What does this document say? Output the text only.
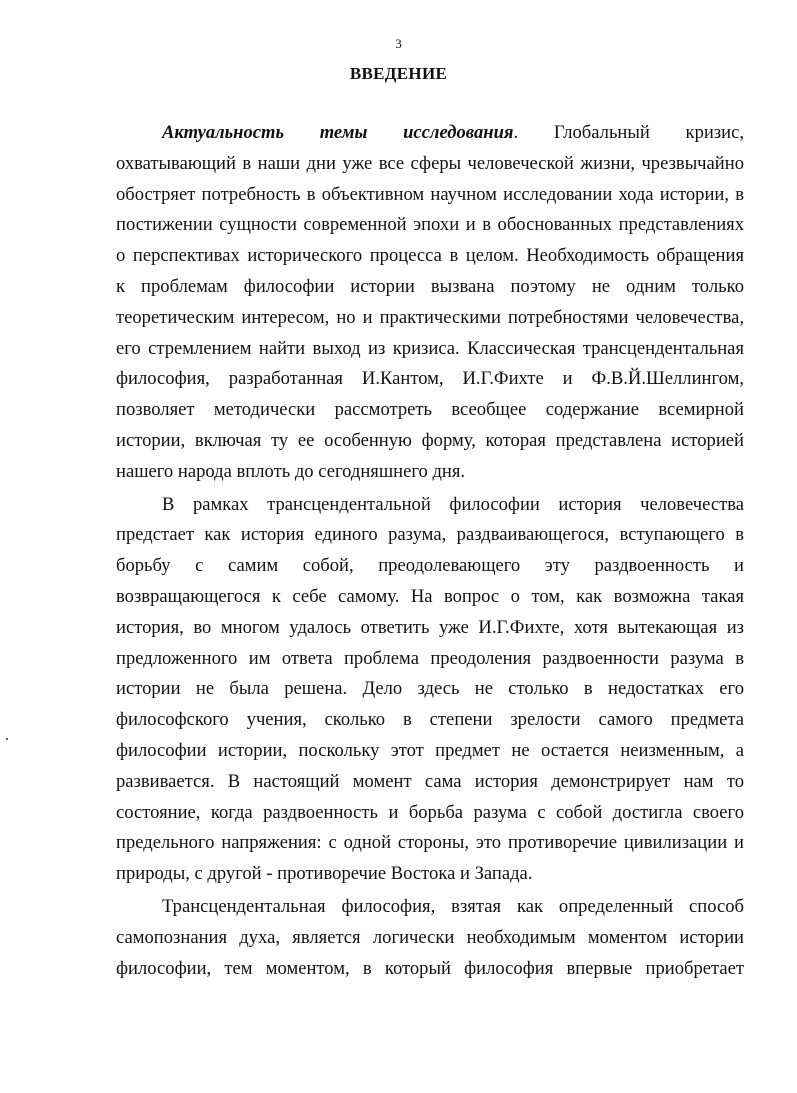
3
ВВЕДЕНИЕ
Актуальность темы исследования. Глобальный кризис,
охватывающий в наши дни уже все сферы человеческой жизни, чрезвычайно
обостряет потребность в объективном научном исследовании хода истории, в
постижении сущности современной эпохи и в обоснованных представлениях
о перспективах исторического процесса в целом. Необходимость обращения
к проблемам философии истории вызвана поэтому не одним только
теоретическим интересом, но и практическими потребностями человечества,
его стремлением найти выход из кризиса. Классическая трансцендентальная
философия, разработанная И.Кантом, И.Г.Фихте и Ф.В.Й.Шеллингом,
позволяет методически рассмотреть всеобщее содержание всемирной
истории, включая ту ее особенную форму, которая представлена историей
нашего народа вплоть до сегодняшнего дня.
В рамках трансцендентальной философии история человечества
предстает как история единого разума, раздваивающегося, вступающего в
борьбу с самим собой, преодолевающего эту раздвоенность и
возвращающегося к себе самому. На вопрос о том, как возможна такая
история, во многом удалось ответить уже И.Г.Фихте, хотя вытекающая из
предложенного им ответа проблема преодоления раздвоенности разума в
истории не была решена. Дело здесь не столько в недостатках его
философского учения, сколько в степени зрелости самого предмета
философии истории, поскольку этот предмет не остается неизменным, а
развивается. В настоящий момент сама история демонстрирует нам то
состояние, когда раздвоенность и борьба разума с собой достигла своего
предельного напряжения: с одной стороны, это противоречие цивилизации и
природы, с другой - противоречие Востока и Запада.
Трансцендентальная философия, взятая как определенный способ
самопознания духа, является логически необходимым моментом истории
философии, тем моментом, в который философия впервые приобретает
